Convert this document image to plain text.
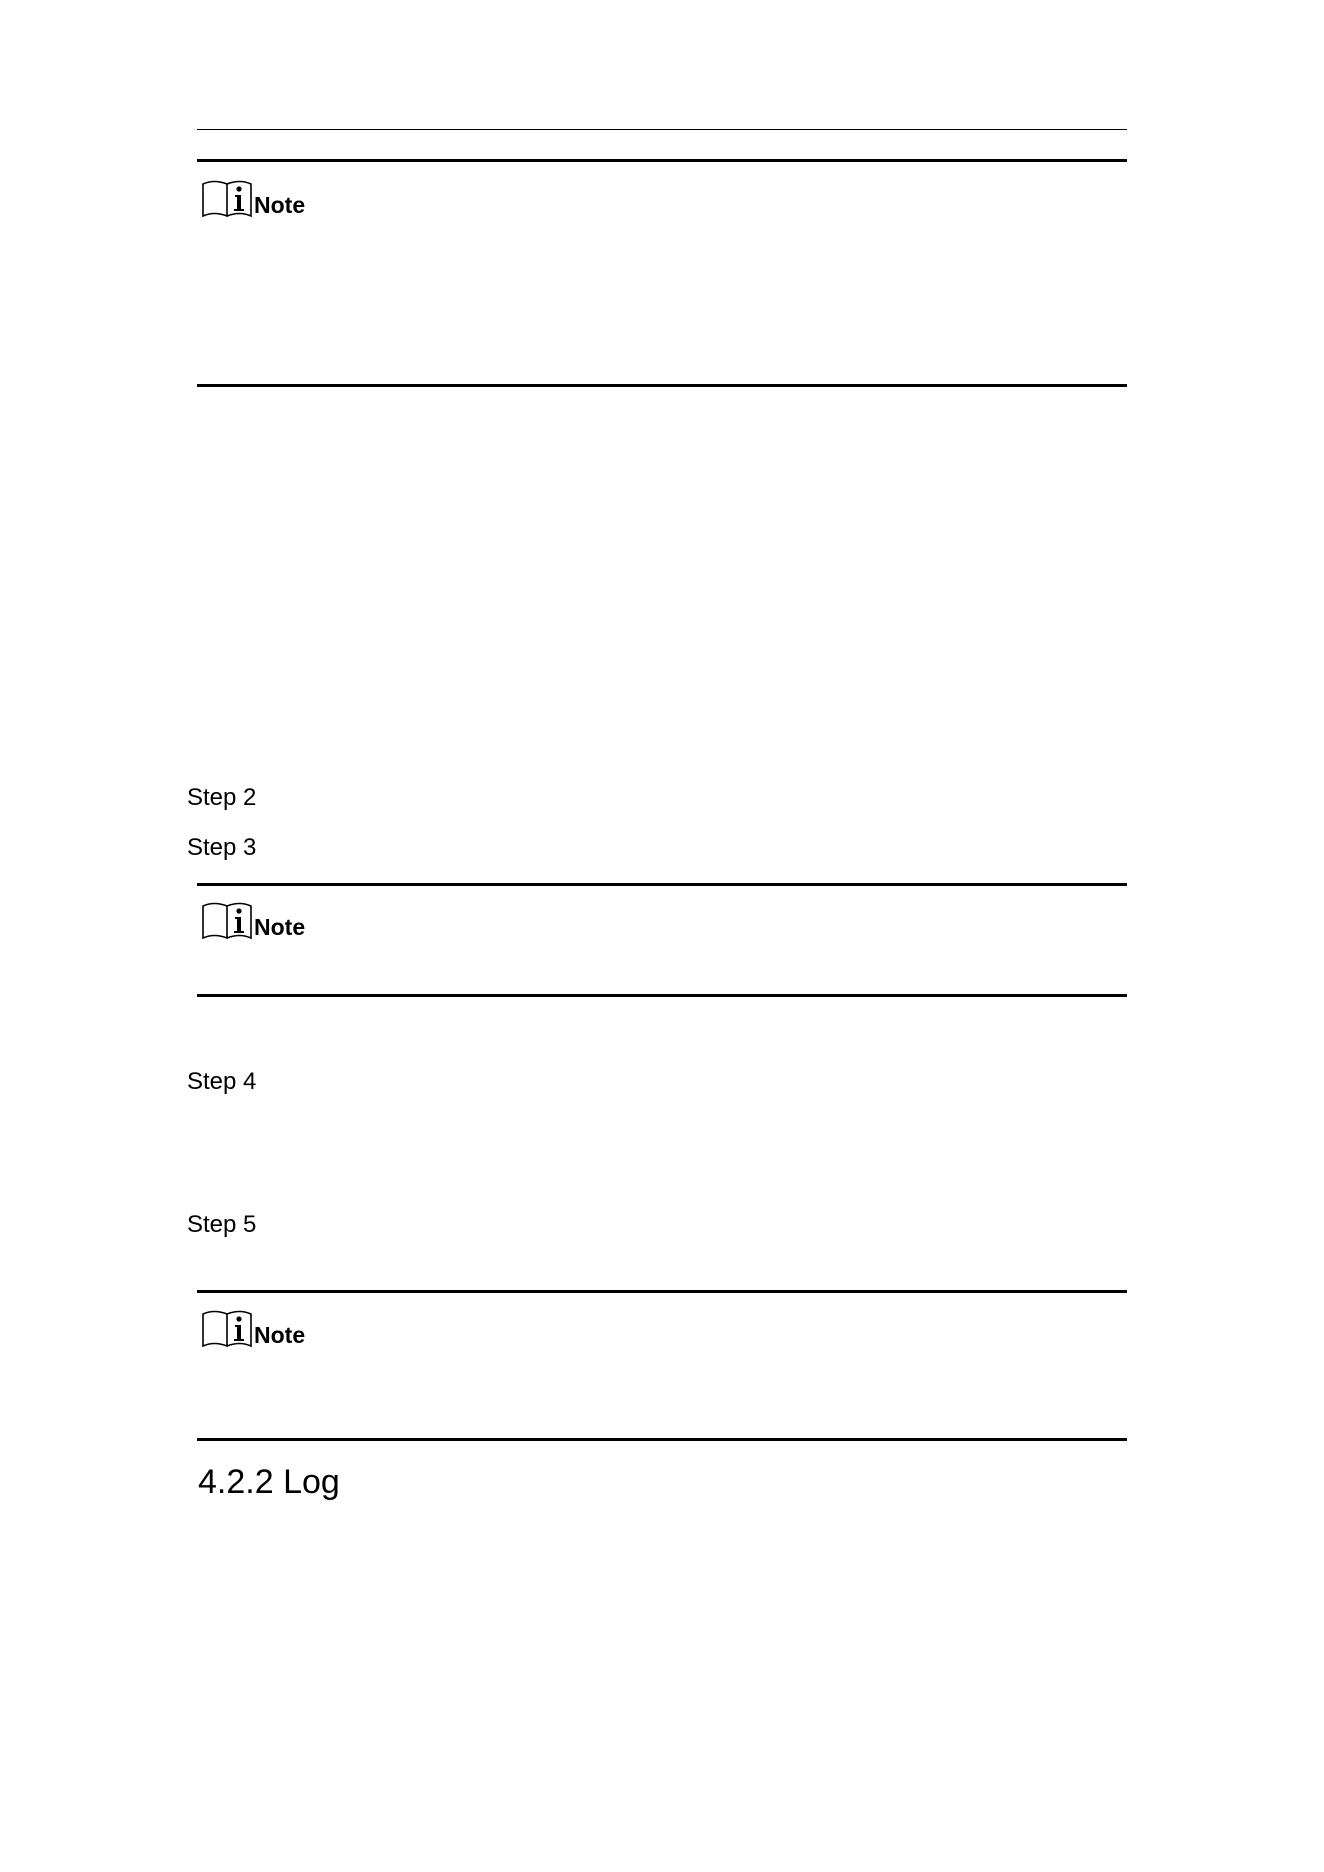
Note
Step 2
Step 3
Note
Step 4
Step 5
Note
4.2.2 Log
